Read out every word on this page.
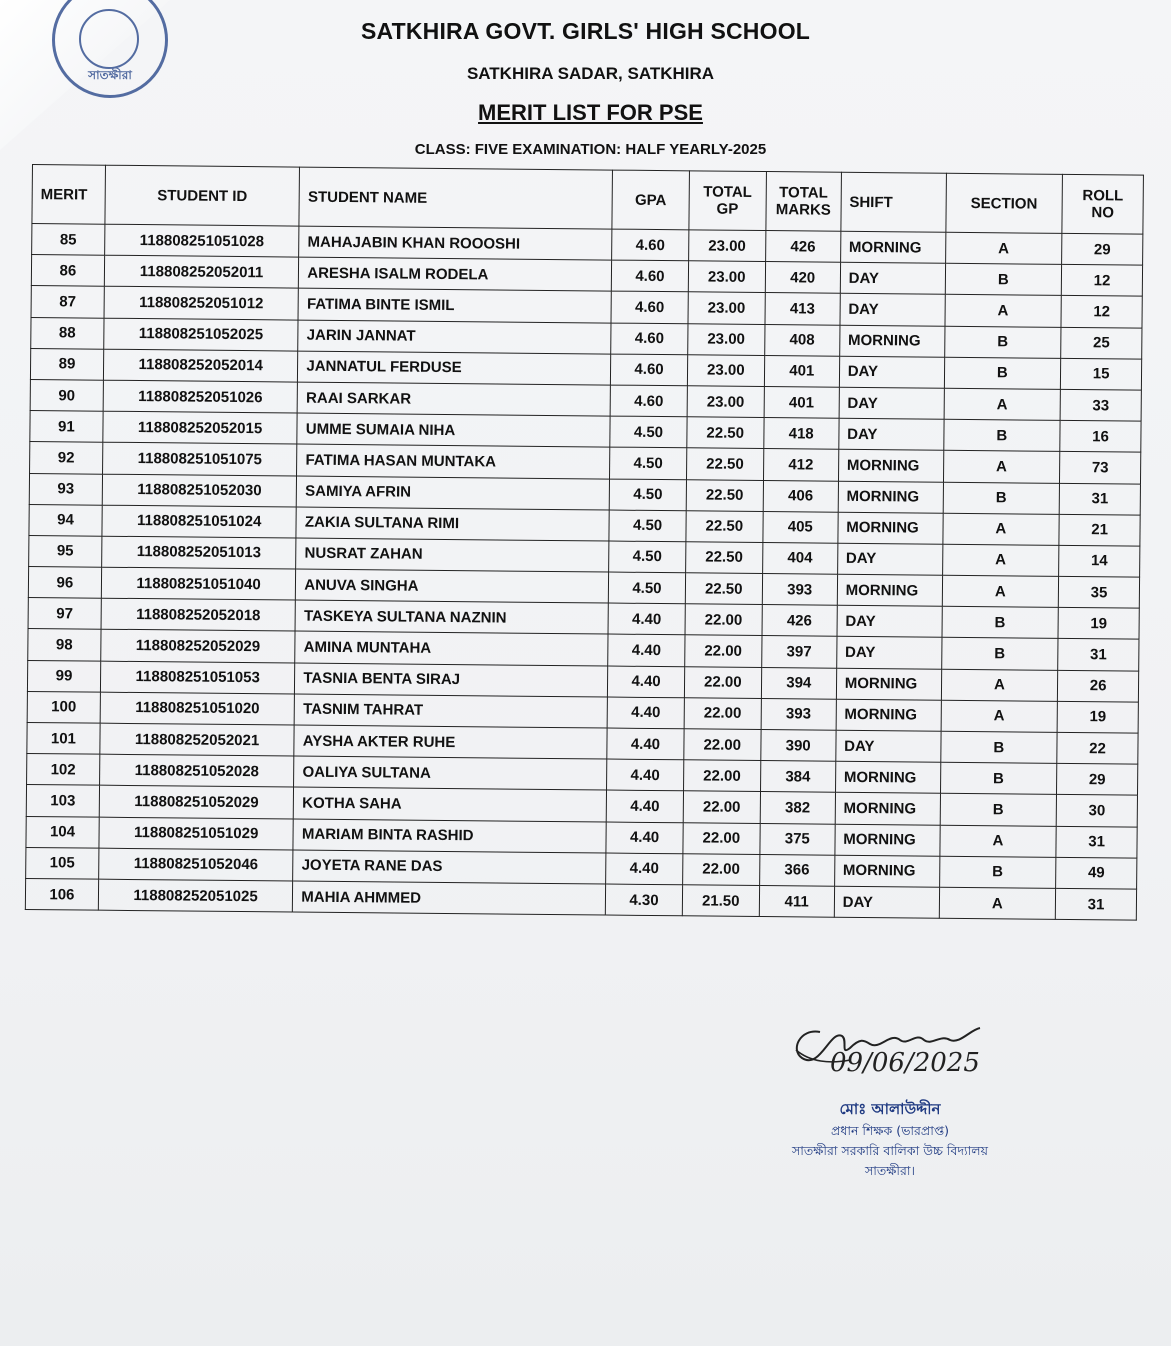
সাতক্ষীরা
SATKHIRA GOVT. GIRLS' HIGH SCHOOL
SATKHIRA SADAR, SATKHIRA
MERIT LIST FOR PSE
CLASS: FIVE EXAMINATION: HALF YEARLY-2025
MERIT	STUDENT ID	STUDENT NAME	GPA	TOTAL GP	TOTAL MARKS	SHIFT	SECTION	ROLL NO
85	118808251051028	MAHAJABIN KHAN ROOOSHI	4.60	23.00	426	MORNING	A	29
86	118808252052011	ARESHA ISALM RODELA	4.60	23.00	420	DAY	B	12
87	118808252051012	FATIMA BINTE ISMIL	4.60	23.00	413	DAY	A	12
88	118808251052025	JARIN JANNAT	4.60	23.00	408	MORNING	B	25
89	118808252052014	JANNATUL FERDUSE	4.60	23.00	401	DAY	B	15
90	118808252051026	RAAI SARKAR	4.60	23.00	401	DAY	A	33
91	118808252052015	UMME SUMAIA NIHA	4.50	22.50	418	DAY	B	16
92	118808251051075	FATIMA HASAN MUNTAKA	4.50	22.50	412	MORNING	A	73
93	118808251052030	SAMIYA AFRIN	4.50	22.50	406	MORNING	B	31
94	118808251051024	ZAKIA SULTANA RIMI	4.50	22.50	405	MORNING	A	21
95	118808252051013	NUSRAT ZAHAN	4.50	22.50	404	DAY	A	14
96	118808251051040	ANUVA SINGHA	4.50	22.50	393	MORNING	A	35
97	118808252052018	TASKEYA SULTANA NAZNIN	4.40	22.00	426	DAY	B	19
98	118808252052029	AMINA MUNTAHA	4.40	22.00	397	DAY	B	31
99	118808251051053	TASNIA BENTA SIRAJ	4.40	22.00	394	MORNING	A	26
100	118808251051020	TASNIM TAHRAT	4.40	22.00	393	MORNING	A	19
101	118808252052021	AYSHA AKTER RUHE	4.40	22.00	390	DAY	B	22
102	118808251052028	OALIYA SULTANA	4.40	22.00	384	MORNING	B	29
103	118808251052029	KOTHA SAHA	4.40	22.00	382	MORNING	B	30
104	118808251051029	MARIAM BINTA RASHID	4.40	22.00	375	MORNING	A	31
105	118808251052046	JOYETA RANE DAS	4.40	22.00	366	MORNING	B	49
106	118808252051025	MAHIA AHMMED	4.30	21.50	411	DAY	A	31
09/06/2025
মোঃ আলাউদ্দীন
প্রধান শিক্ষক (ভারপ্রাপ্ত)
সাতক্ষীরা সরকারি বালিকা উচ্চ বিদ্যালয়
সাতক্ষীরা।
